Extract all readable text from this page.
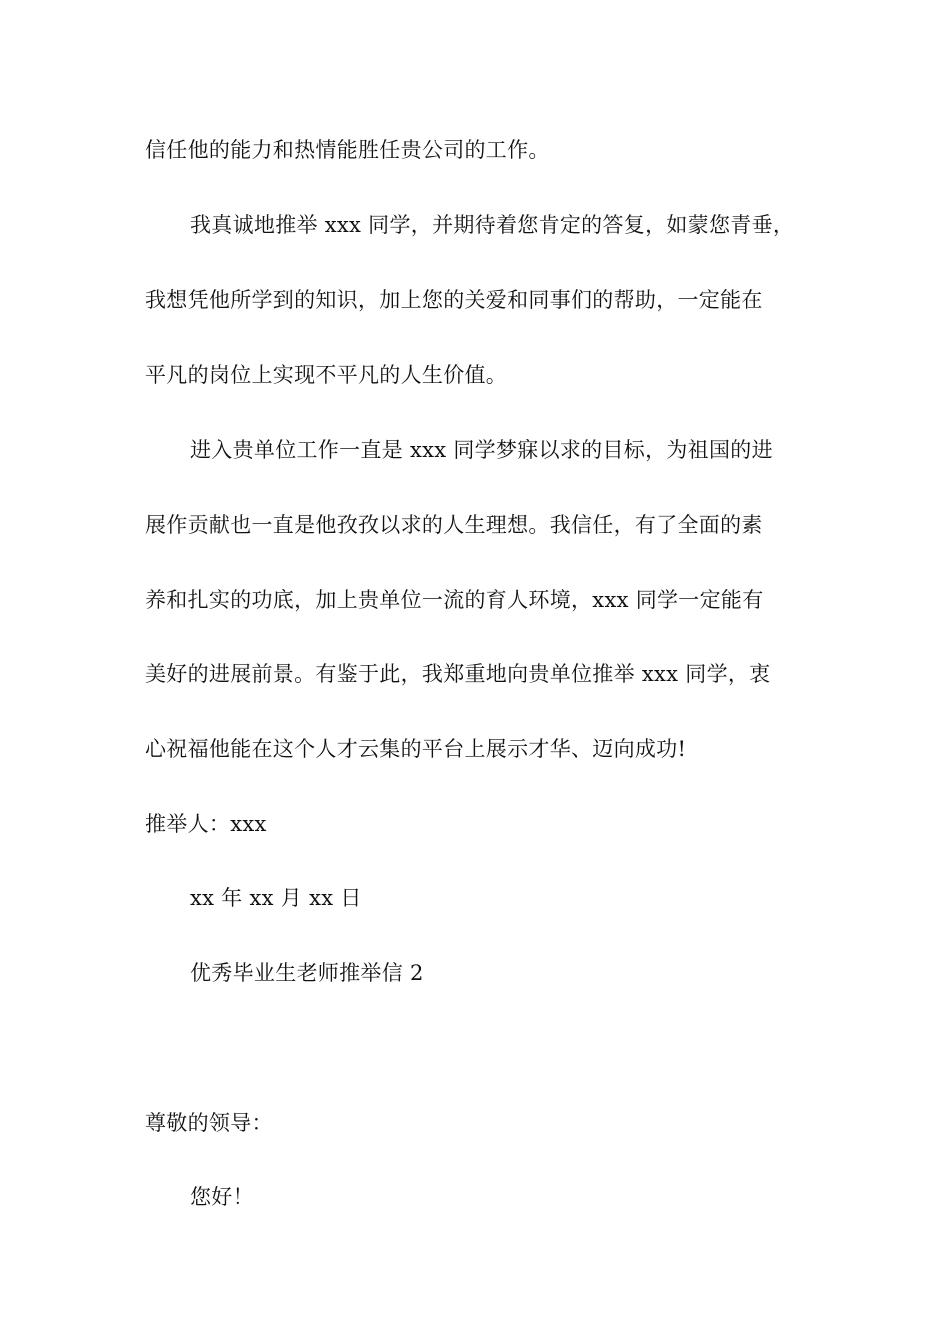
信任他的能力和热情能胜任贵公司的工作。
我真诚地推举 xxx 同学，并期待着您肯定的答复，如蒙您青垂，
我想凭他所学到的知识，加上您的关爱和同事们的帮助，一定能在
平凡的岗位上实现不平凡的人生价值。
进入贵单位工作一直是 xxx 同学梦寐以求的目标，为祖国的进
展作贡献也一直是他孜孜以求的人生理想。我信任，有了全面的素
养和扎实的功底，加上贵单位一流的育人环境，xxx 同学一定能有
美好的进展前景。有鉴于此，我郑重地向贵单位推举 xxx 同学，衷
心祝福他能在这个人才云集的平台上展示才华、迈向成功!
推举人：xxx
xx 年 xx 月 xx 日
优秀毕业生老师推举信 2
尊敬的领导：
您好！
